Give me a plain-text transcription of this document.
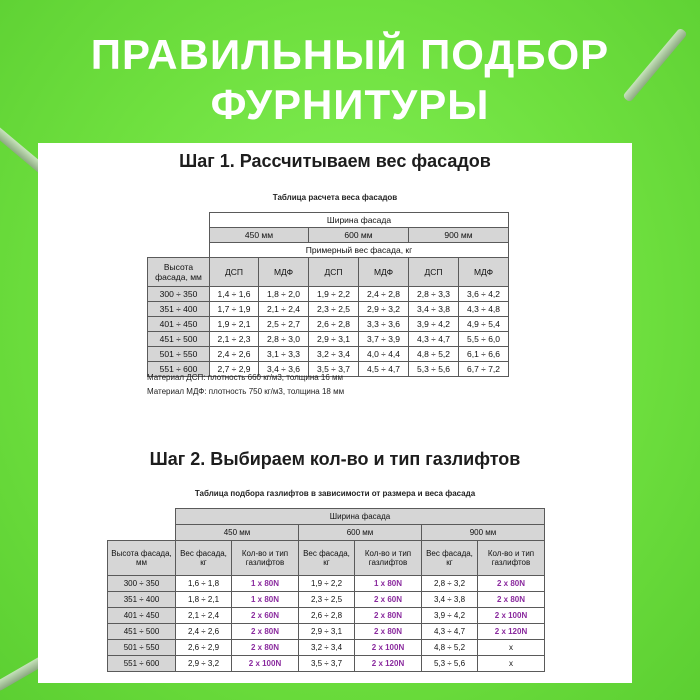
ПРАВИЛЬНЫЙ ПОДБОР
ФУРНИТУРЫ
Шаг 1. Рассчитываем вес фасадов
Таблица расчета веса фасадов
	Ширина фасада					
	450 мм		600 мм		900 мм	
	Примерный вес фасада, кг					
Высота фасада, мм	ДСП	МДФ	ДСП	МДФ	ДСП	МДФ
300 ÷ 350	1,4 ÷ 1,6	1,8 ÷ 2,0	1,9 ÷ 2,2	2,4 ÷ 2,8	2,8 ÷ 3,3	3,6 ÷ 4,2
351 ÷ 400	1,7 ÷ 1,9	2,1 ÷ 2,4	2,3 ÷ 2,5	2,9 ÷ 3,2	3,4 ÷ 3,8	4,3 ÷ 4,8
401 ÷ 450	1,9 ÷ 2,1	2,5 ÷ 2,7	2,6 ÷ 2,8	3,3 ÷ 3,6	3,9 ÷ 4,2	4,9 ÷ 5,4
451 ÷ 500	2,1 ÷ 2,3	2,8 ÷ 3,0	2,9 ÷ 3,1	3,7 ÷ 3,9	4,3 ÷ 4,7	5,5 ÷ 6,0
501 ÷ 550	2,4 ÷ 2,6	3,1 ÷ 3,3	3,2 ÷ 3,4	4,0 ÷ 4,4	4,8 ÷ 5,2	6,1 ÷ 6,6
551 ÷ 600	2,7 ÷ 2,9	3,4 ÷ 3,6	3,5 ÷ 3,7	4,5 ÷ 4,7	5,3 ÷ 5,6	6,7 ÷ 7,2
Материал ДСП: плотность 660 кг/м3, толщина 16 мм
Материал МДФ: плотность 750 кг/м3, толщина 18 мм
Шаг 2. Выбираем кол-во и тип газлифтов
Таблица подбора газлифтов в зависимости от размера и веса фасада
	Ширина фасада					
	450 мм		600 мм		900 мм	
Высота фасада, мм	Вес фасада, кг	Кол-во и тип газлифтов	Вес фасада, кг	Кол-во и тип газлифтов	Вес фасада, кг	Кол-во и тип газлифтов
300 ÷ 350	1,6 ÷ 1,8	1 x 80N	1,9 ÷ 2,2	1 x 80N	2,8 ÷ 3,2	2 x 80N
351 ÷ 400	1,8 ÷ 2,1	1 x 80N	2,3 ÷ 2,5	2 x 60N	3,4 ÷ 3,8	2 x 80N
401 ÷ 450	2,1 ÷ 2,4	2 x 60N	2,6 ÷ 2,8	2 x 80N	3,9 ÷ 4,2	2 x 100N
451 ÷ 500	2,4 ÷ 2,6	2 x 80N	2,9 ÷ 3,1	2 x 80N	4,3 ÷ 4,7	2 x 120N
501 ÷ 550	2,6 ÷ 2,9	2 x 80N	3,2 ÷ 3,4	2 x 100N	4,8 ÷ 5,2	x
551 ÷ 600	2,9 ÷ 3,2	2 x 100N	3,5 ÷ 3,7	2 x 120N	5,3 ÷ 5,6	x
